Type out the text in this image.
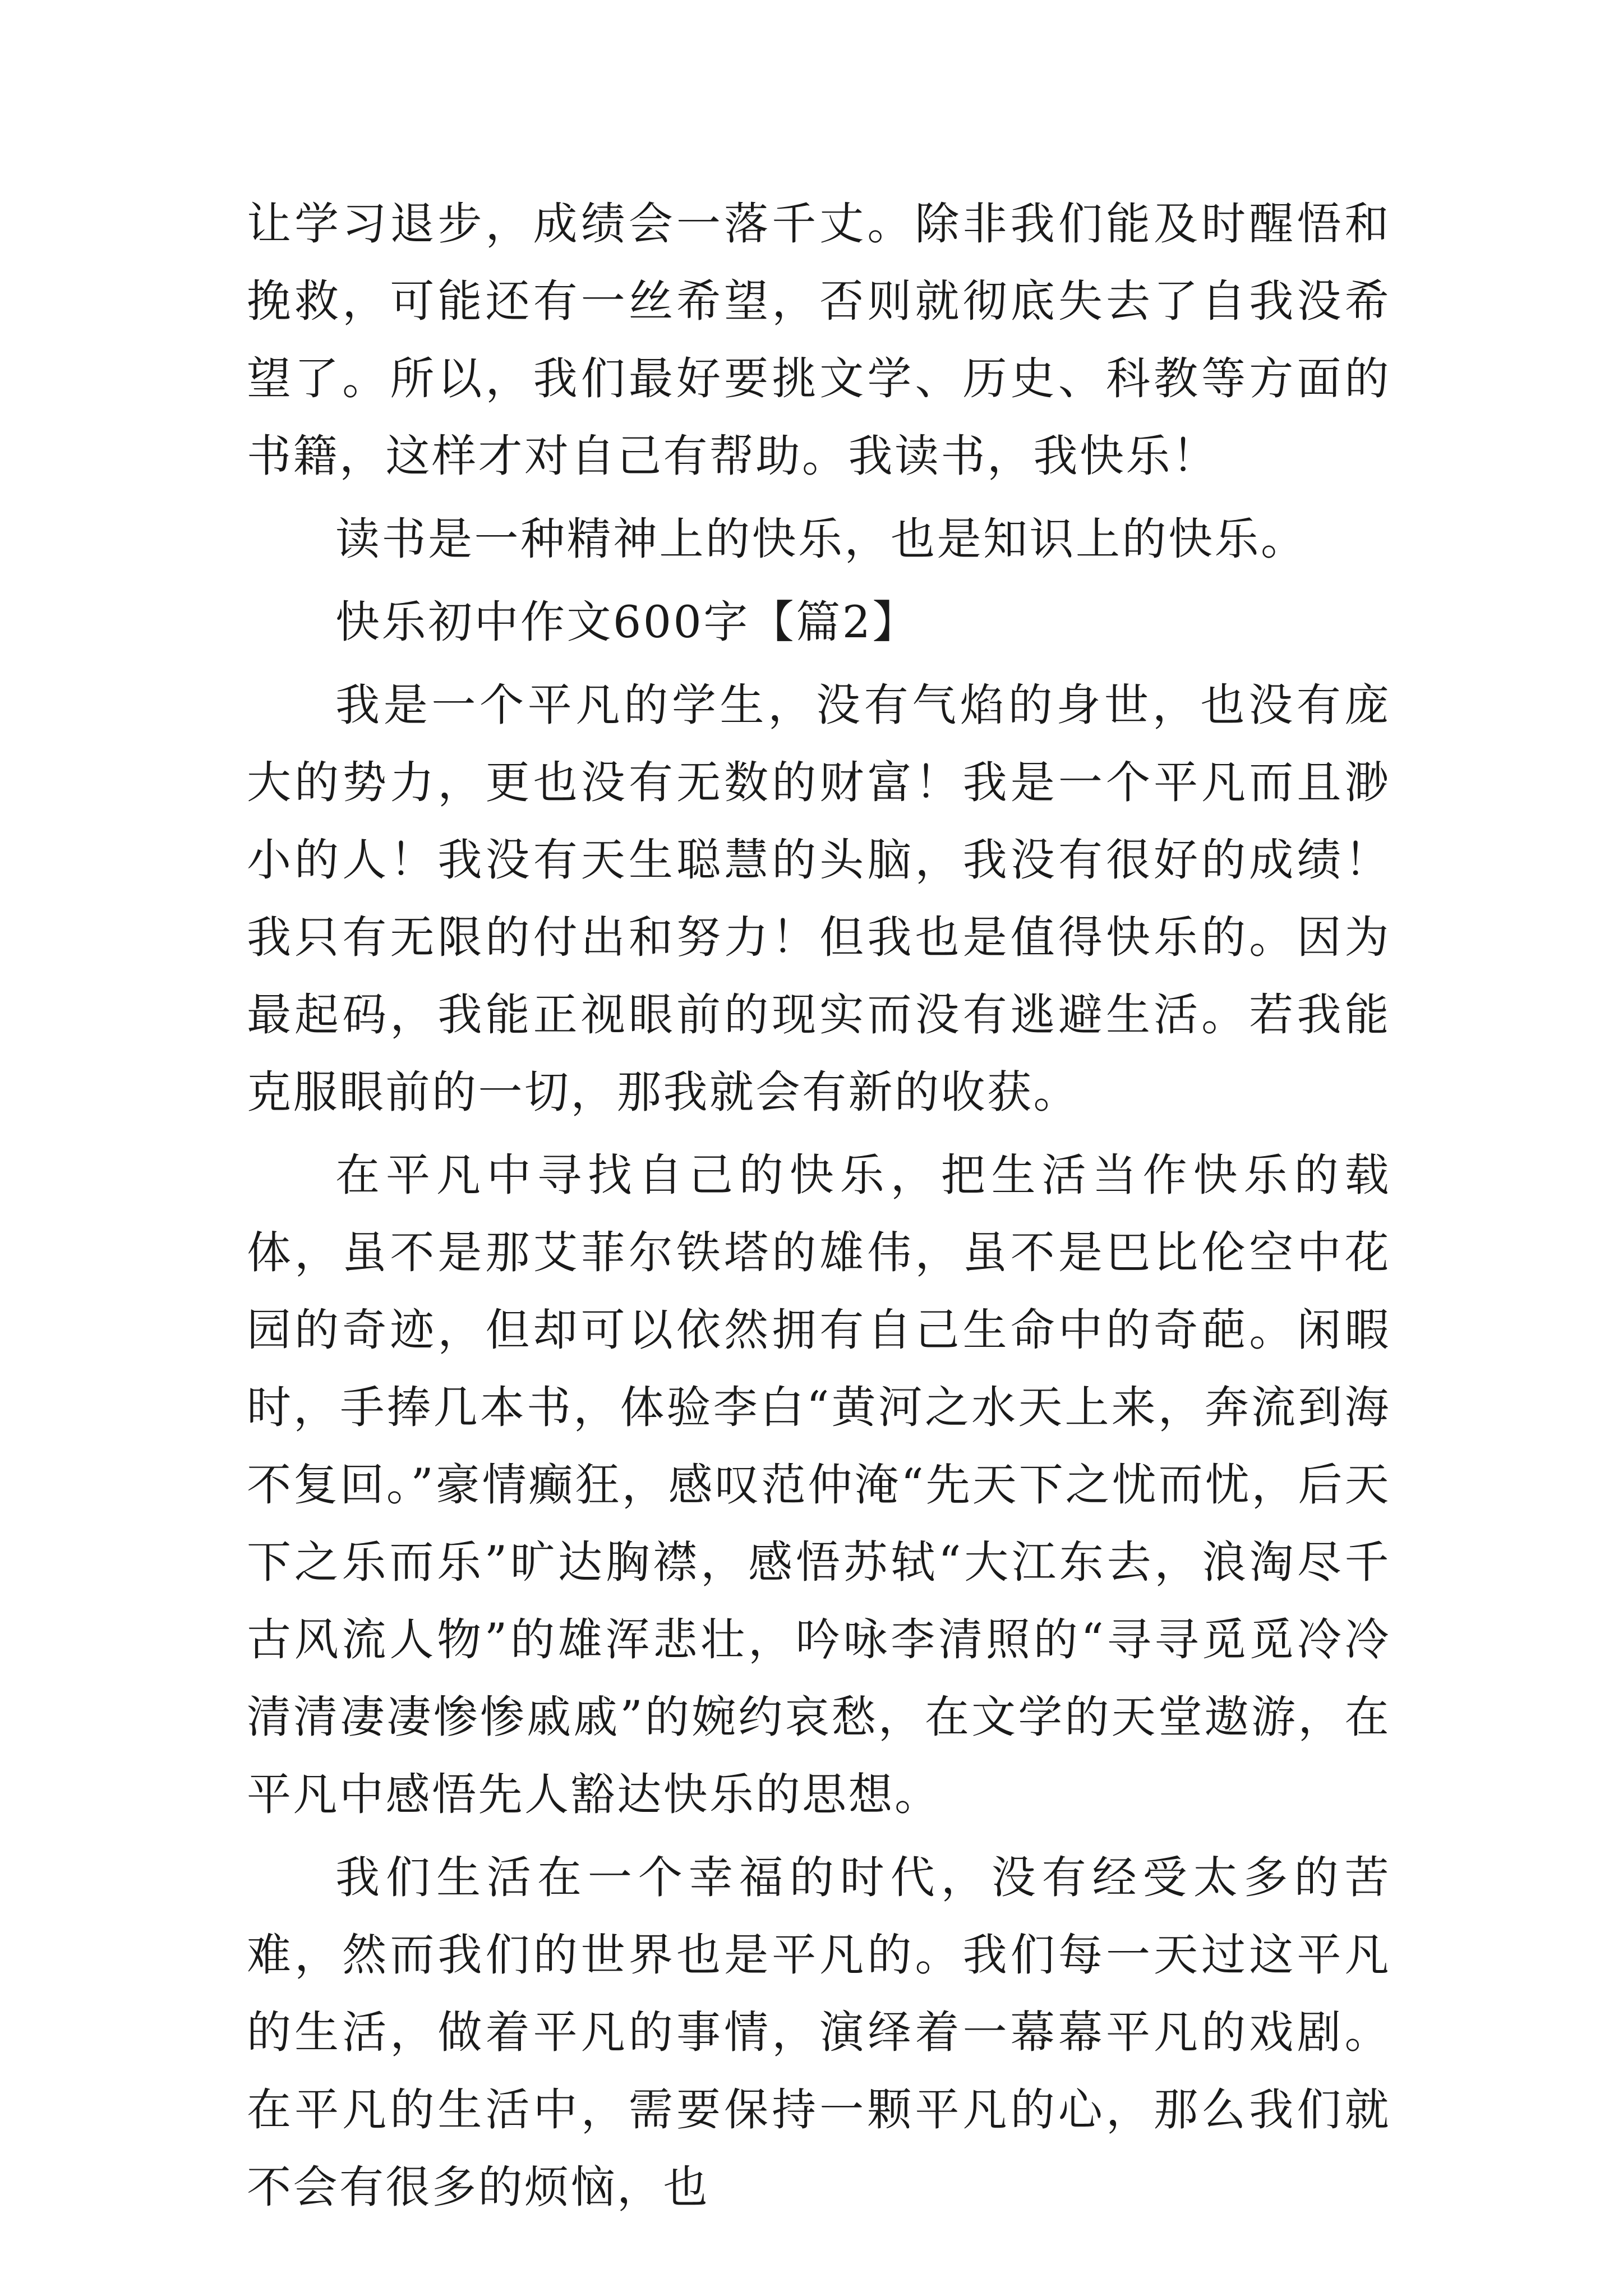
让学习退步，成绩会一落千丈。除非我们能及时醒悟和挽救，可能还有一丝希望，否则就彻底失去了自我没希望了。所以，我们最好要挑文学、历史、科教等方面的书籍，这样才对自己有帮助。我读书，我快乐！

读书是一种精神上的快乐，也是知识上的快乐。

快乐初中作文600字【篇2】

我是一个平凡的学生，没有气焰的身世，也没有庞大的势力，更也没有无数的财富！我是一个平凡而且渺小的人！我没有天生聪慧的头脑，我没有很好的成绩！我只有无限的付出和努力！但我也是值得快乐的。因为最起码，我能正视眼前的现实而没有逃避生活。若我能克服眼前的一切，那我就会有新的收获。

在平凡中寻找自己的快乐，把生活当作快乐的载体，虽不是那艾菲尔铁塔的雄伟，虽不是巴比伦空中花园的奇迹，但却可以依然拥有自己生命中的奇葩。闲暇时，手捧几本书，体验李白“黄河之水天上来，奔流到海不复回。”豪情癫狂，感叹范仲淹“先天下之忧而忧，后天下之乐而乐”旷达胸襟，感悟苏轼“大江东去，浪淘尽千古风流人物”的雄浑悲壮，吟咏李清照的“寻寻觅觅冷冷清清凄凄惨惨戚戚”的婉约哀愁，在文学的天堂遨游，在平凡中感悟先人豁达快乐的思想。

我们生活在一个幸福的时代，没有经受太多的苦难，然而我们的世界也是平凡的。我们每一天过这平凡的生活，做着平凡的事情，演绎着一幕幕平凡的戏剧。在平凡的生活中，需要保持一颗平凡的心，那么我们就不会有很多的烦恼，也
